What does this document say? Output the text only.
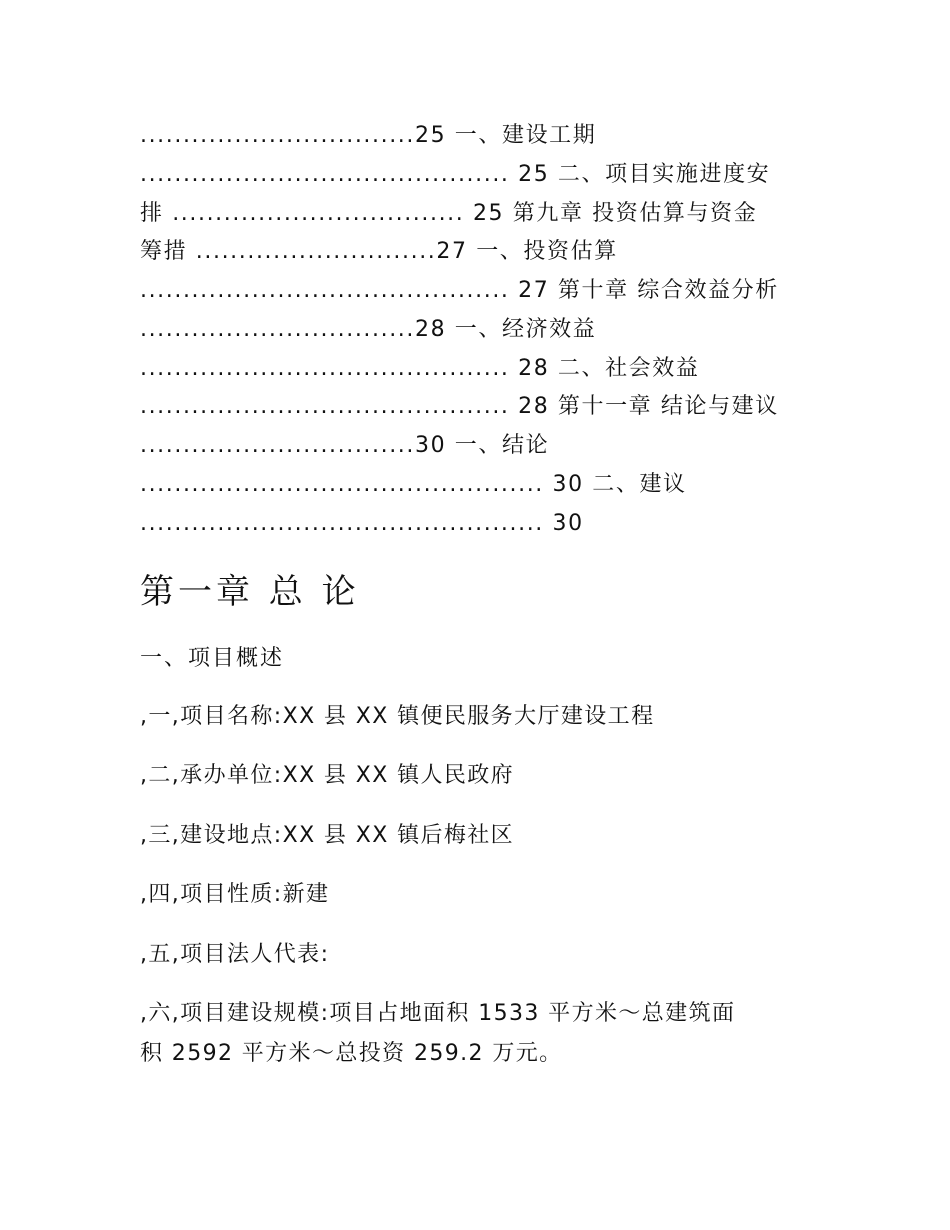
................................25 一、建设工期
........................................... 25 二、项目实施进度安
排 .................................. 25 第九章 投资估算与资金
筹措 ............................27 一、投资估算
........................................... 27 第十章 综合效益分析
................................28 一、经济效益
........................................... 28 二、社会效益
........................................... 28 第十一章 结论与建议
................................30 一、结论
............................................... 30 二、建议
............................................... 30
第一章 总 论
一、项目概述
,一,项目名称:XX 县 XX 镇便民服务大厅建设工程
,二,承办单位:XX 县 XX 镇人民政府
,三,建设地点:XX 县 XX 镇后梅社区
,四,项目性质:新建
,五,项目法人代表:
,六,项目建设规模:项目占地面积 1533 平方米～总建筑面
积 2592 平方米～总投资 259.2 万元。
